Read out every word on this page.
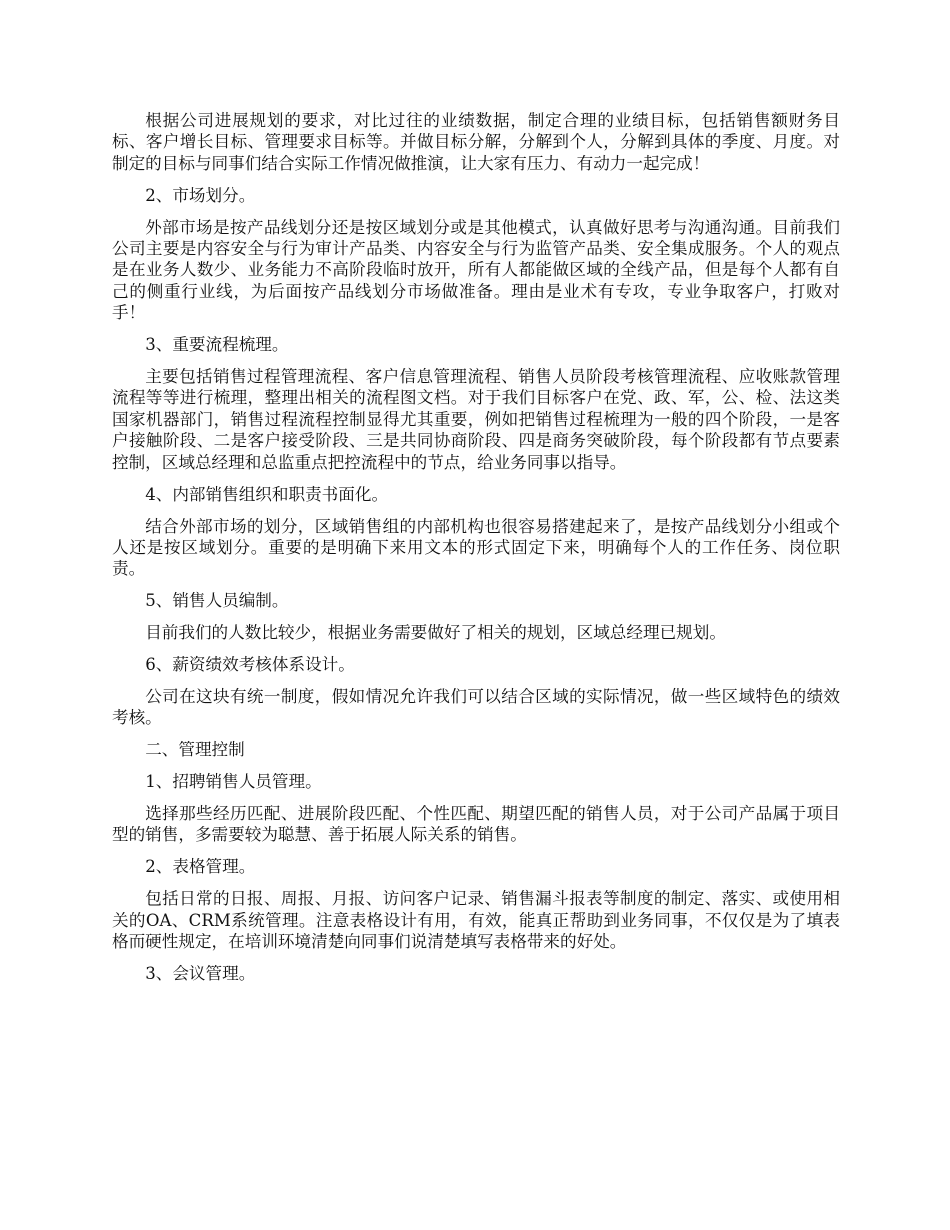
根据公司进展规划的要求，对比过往的业绩数据，制定合理的业绩目标，包括销售额财务目标、客户增长目标、管理要求目标等。并做目标分解，分解到个人，分解到具体的季度、月度。对制定的目标与同事们结合实际工作情况做推演，让大家有压力、有动力一起完成！

2、市场划分。

外部市场是按产品线划分还是按区域划分或是其他模式，认真做好思考与沟通沟通。目前我们公司主要是内容安全与行为审计产品类、内容安全与行为监管产品类、安全集成服务。个人的观点是在业务人数少、业务能力不高阶段临时放开，所有人都能做区域的全线产品，但是每个人都有自己的侧重行业线，为后面按产品线划分市场做准备。理由是业术有专攻，专业争取客户，打败对手！

3、重要流程梳理。

主要包括销售过程管理流程、客户信息管理流程、销售人员阶段考核管理流程、应收账款管理流程等等进行梳理，整理出相关的流程图文档。对于我们目标客户在党、政、军，公、检、法这类国家机器部门，销售过程流程控制显得尤其重要，例如把销售过程梳理为一般的四个阶段，一是客户接触阶段、二是客户接受阶段、三是共同协商阶段、四是商务突破阶段，每个阶段都有节点要素控制，区域总经理和总监重点把控流程中的节点，给业务同事以指导。

4、内部销售组织和职责书面化。

结合外部市场的划分，区域销售组的内部机构也很容易搭建起来了，是按产品线划分小组或个人还是按区域划分。重要的是明确下来用文本的形式固定下来，明确每个人的工作任务、岗位职责。

5、销售人员编制。

目前我们的人数比较少，根据业务需要做好了相关的规划，区域总经理已规划。

6、薪资绩效考核体系设计。

公司在这块有统一制度，假如情况允许我们可以结合区域的实际情况，做一些区域特色的绩效考核。

二、管理控制

1、招聘销售人员管理。

选择那些经历匹配、进展阶段匹配、个性匹配、期望匹配的销售人员，对于公司产品属于项目型的销售，多需要较为聪慧、善于拓展人际关系的销售。

2、表格管理。

包括日常的日报、周报、月报、访问客户记录、销售漏斗报表等制度的制定、落实、或使用相关的OA、CRM系统管理。注意表格设计有用，有效，能真正帮助到业务同事，不仅仅是为了填表格而硬性规定，在培训环境清楚向同事们说清楚填写表格带来的好处。

3、会议管理。
